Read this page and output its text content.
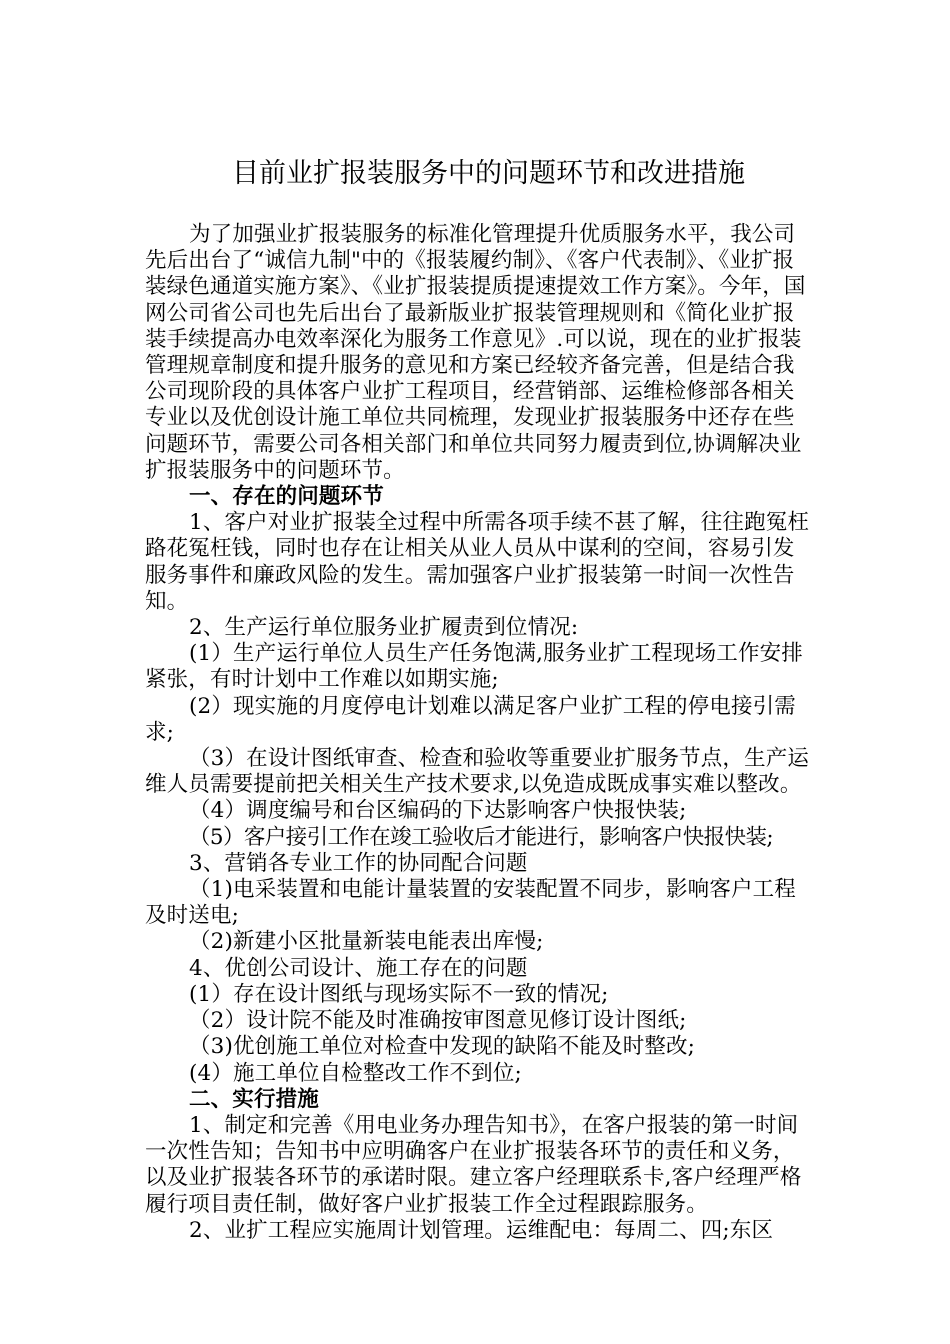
目前业扩报装服务中的问题环节和改进措施

为了加强业扩报装服务的标准化管理提升优质服务水平，我公司先后出台了“诚信九制"中的《报装履约制》、《客户代表制》、《业扩报装绿色通道实施方案》、《业扩报装提质提速提效工作方案》。今年，国网公司省公司也先后出台了最新版业扩报装管理规则和《简化业扩报装手续提高办电效率深化为服务工作意见》.可以说，现在的业扩报装管理规章制度和提升服务的意见和方案已经较齐备完善，但是结合我公司现阶段的具体客户业扩工程项目，经营销部、运维检修部各相关专业以及优创设计施工单位共同梳理，发现业扩报装服务中还存在些问题环节，需要公司各相关部门和单位共同努力履责到位,协调解决业扩报装服务中的问题环节。

一、存在的问题环节

1、客户对业扩报装全过程中所需各项手续不甚了解，往往跑冤枉路花冤枉钱，同时也存在让相关从业人员从中谋利的空间，容易引发服务事件和廉政风险的发生。需加强客户业扩报装第一时间一次性告知。

2、生产运行单位服务业扩履责到位情况:

(1）生产运行单位人员生产任务饱满,服务业扩工程现场工作安排紧张，有时计划中工作难以如期实施;

(2）现实施的月度停电计划难以满足客户业扩工程的停电接引需求;

（3）在设计图纸审查、检查和验收等重要业扩服务节点，生产运维人员需要提前把关相关生产技术要求,以免造成既成事实难以整改。

（4）调度编号和台区编码的下达影响客户快报快装;

（5）客户接引工作在竣工验收后才能进行，影响客户快报快装;

3、营销各专业工作的协同配合问题

（1)电采装置和电能计量装置的安装配置不同步，影响客户工程及时送电;

（2)新建小区批量新装电能表出库慢;

4、优创公司设计、施工存在的问题

(1）存在设计图纸与现场实际不一致的情况;

（2）设计院不能及时准确按审图意见修订设计图纸;

（3)优创施工单位对检查中发现的缺陷不能及时整改;

(4）施工单位自检整改工作不到位;

二、实行措施

1、制定和完善《用电业务办理告知书》，在客户报装的第一时间一次性告知；告知书中应明确客户在业扩报装各环节的责任和义务，以及业扩报装各环节的承诺时限。建立客户经理联系卡,客户经理严格履行项目责任制，做好客户业扩报装工作全过程跟踪服务。

2、业扩工程应实施周计划管理。运维配电：每周二、四;东区
